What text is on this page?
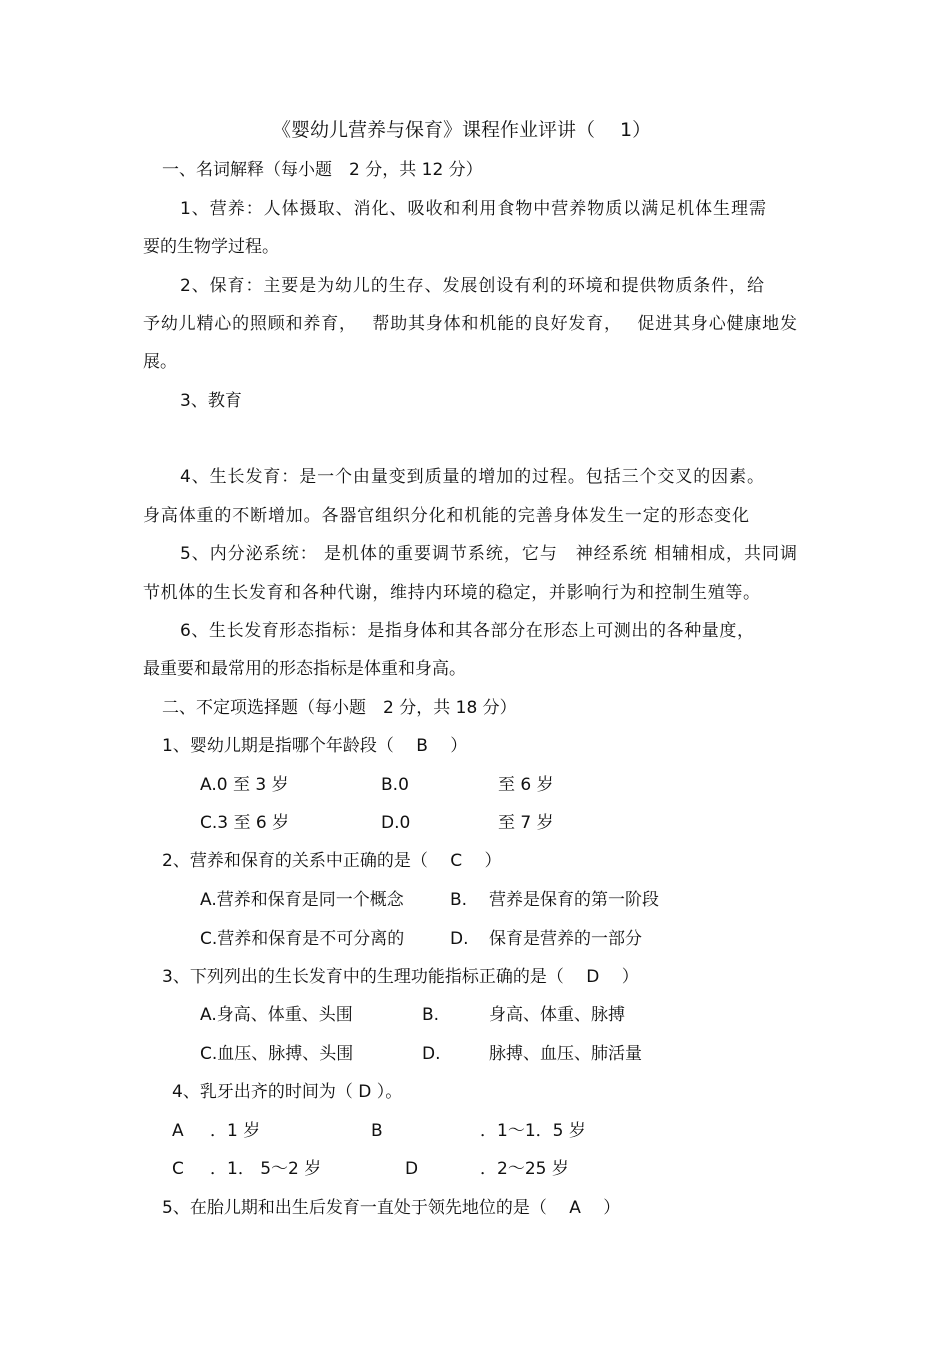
《婴幼儿营养与保育》课程作业评讲（　 1）
一、名词解释（每小题　2 分，共 12 分）
1、营养：人体摄取、消化、吸收和利用食物中营养物质以满足机体生理需
要的生物学过程。
2、保育：主要是为幼儿的生存、发展创设有利的环境和提供物质条件，给
予幼儿精心的照顾和养育，　 帮助其身体和机能的良好发育，　 促进其身心健康地发
展。
3、教育
4、生长发育：是一个由量变到质量的增加的过程。包括三个交叉的因素。
身高体重的不断增加。各器官组织分化和机能的完善身体发生一定的形态变化
5、内分泌系统： 是机体的重要调节系统，它与　神经系统 相辅相成，共同调
节机体的生长发育和各种代谢，维持内环境的稳定，并影响行为和控制生殖等。
6、生长发育形态指标：是指身体和其各部分在形态上可测出的各种量度，
最重要和最常用的形态指标是体重和身高。
二、不定项选择题（每小题　2 分，共 18 分）
1、婴幼儿期是指哪个年龄段（　 B　 ）
A.0 至 3 岁	B.0	至 6 岁
C.3 至 6 岁	D.0	至 7 岁
2、营养和保育的关系中正确的是（　 C　 ）
A.营养和保育是同一个概念	B. 营养是保育的第一阶段
C.营养和保育是不可分离的	D. 保育是营养的一部分
3、下列列出的生长发育中的生理功能指标正确的是（　 D　 ）
A.身高、体重、头围	B.	身高、体重、脉搏
C.血压、脉搏、头围	D.	脉搏、血压、肺活量
4、乳牙出齐的时间为（ D ）。
A ．1 岁	B	．1～1．5 岁
C ．1． 5～2 岁	D	．2～25 岁
5、在胎儿期和出生后发育一直处于领先地位的是（　 A　 ）
